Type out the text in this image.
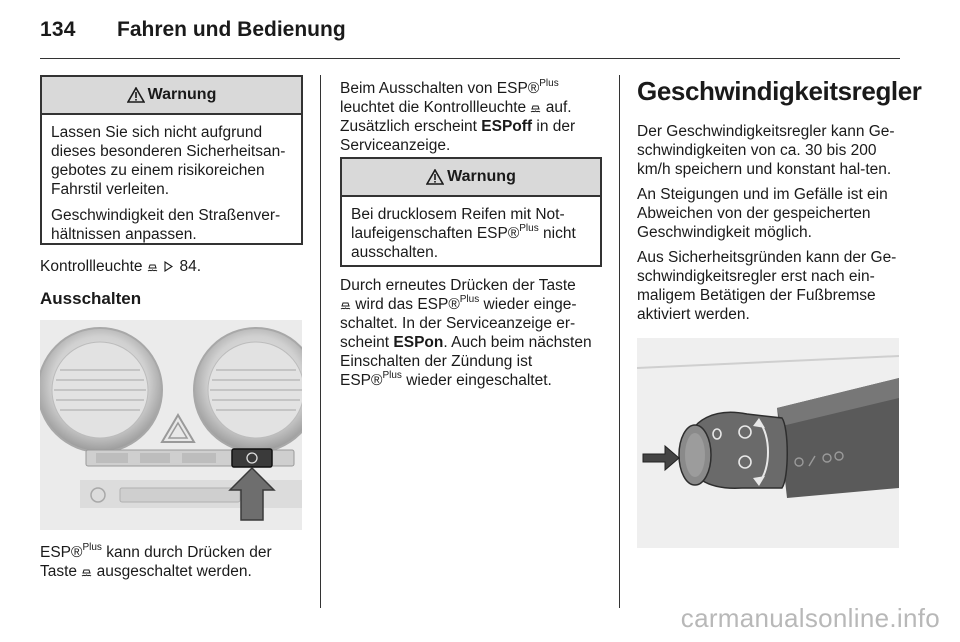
134 Fahren und Bedienung
Warnung

Lassen Sie sich nicht aufgrund dieses besonderen Sicherheitsan-gebotes zu einem risikoreichen Fahrstil verleiten.

Geschwindigkeit den Straßenver-hältnissen anpassen.

Kontrollleuchte 84.
Ausschalten
ESP®$^{Plus}$ kann durch Drücken der
Taste  ausgeschaltet werden.
Beim Ausschalten von ESP®$^{Plus}$
leuchtet die Kontrollleuchte  auf.
Zusätzlich erscheint ESPoff in der
Serviceanzeige.
Warnung
Bei drucklosem Reifen mit Not-
laufeigenschaften ESP®$^{Plus}$ nicht
ausschalten.
Durch erneutes Drücken der Taste
wird das ESP®$^{Plus}$ wieder einge-
schaltet. In der Serviceanzeige er-
scheint ESPon. Auch beim nächsten
Einschalten der Zündung ist
ESP®$^{Plus}$ wieder eingeschaltet.
Geschwindigkeitsregler

Der Geschwindigkeitsregler kann Ge-schwindigkeiten von ca. 30 bis 200 km/h speichern und konstant hal-ten.

An Steigungen und im Gefälle ist ein Abweichen von der gespeicherten Geschwindigkeit möglich.

Aus Sicherheitsgründen kann der Ge-schwindigkeitsregler erst nach ein-maligem Betätigen der Fußbremse aktiviert werden.

carmanualsonline.info
